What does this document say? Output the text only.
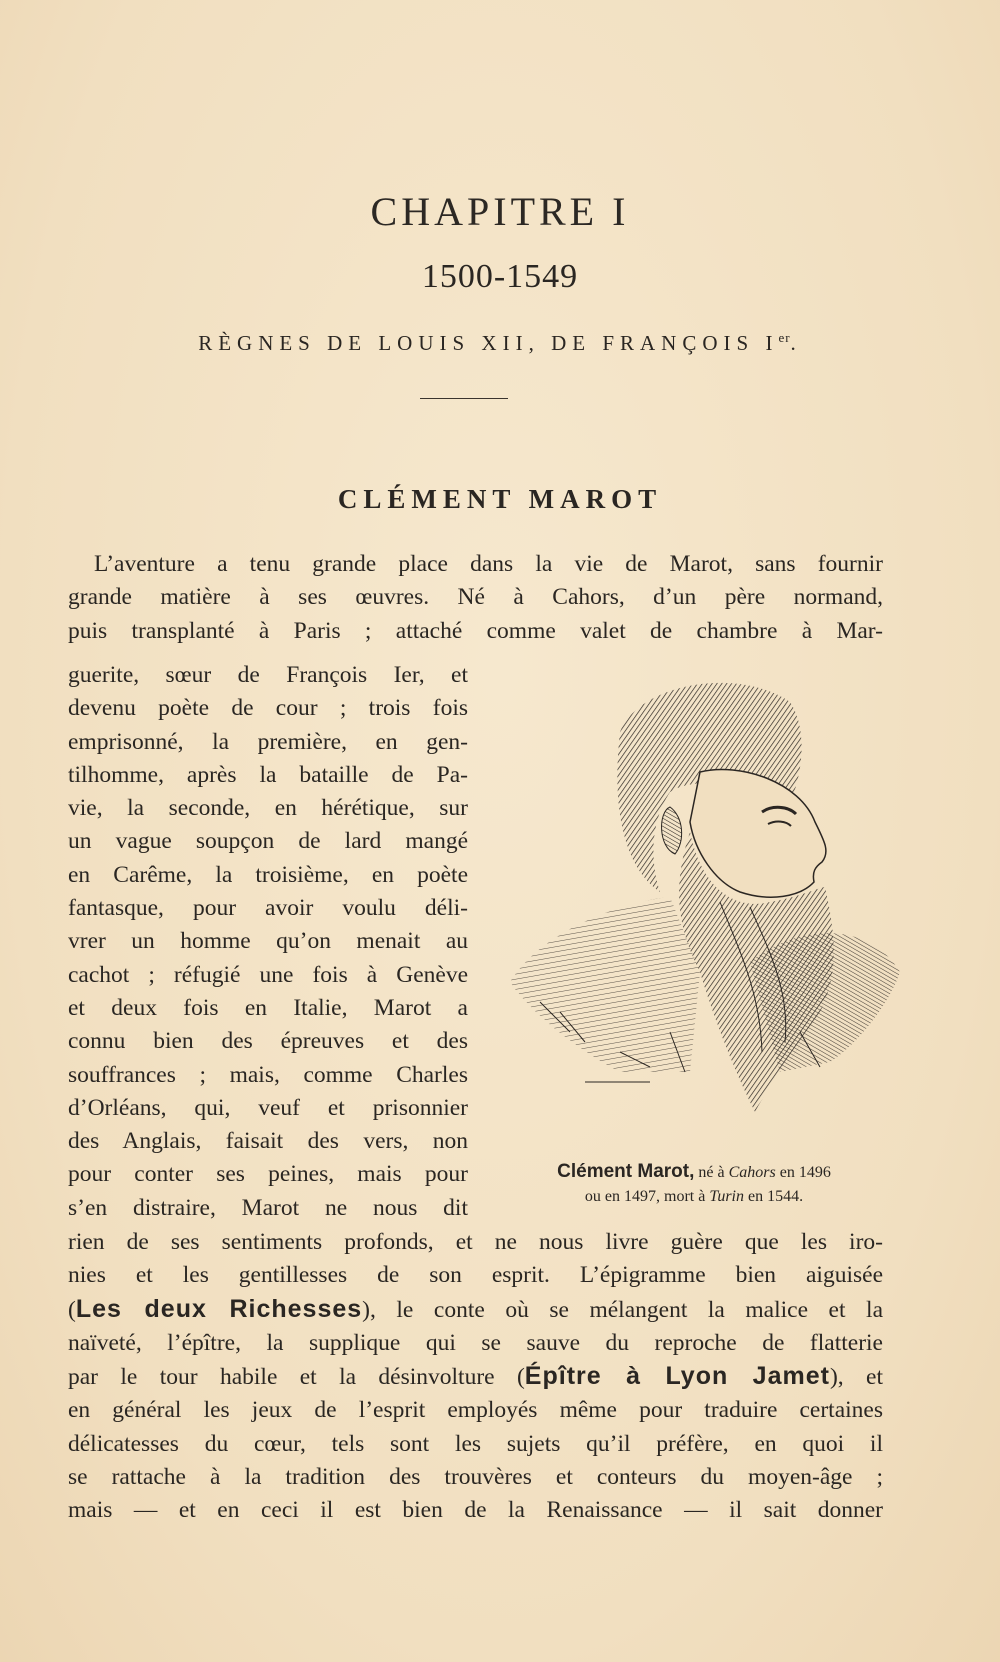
CHAPITRE I
1500-1549
RÈGNES DE LOUIS XII, DE FRANÇOIS Ier.
CLÉMENT MAROT
L’aventure a tenu grande place dans la vie de Marot, sans fournir
grande matière à ses œuvres. Né à Cahors, d’un père normand,
puis transplanté à Paris ; attaché comme valet de chambre à Mar-
guerite, sœur de François Ier, et
devenu poète de cour ; trois fois
emprisonné, la première, en gen-
tilhomme, après la bataille de Pa-
vie, la seconde, en hérétique, sur
un vague soupçon de lard mangé
en Carême, la troisième, en poète
fantasque, pour avoir voulu déli-
vrer un homme qu’on menait au
cachot ; réfugié une fois à Genève
et deux fois en Italie, Marot a
connu bien des épreuves et des
souffrances ; mais, comme Charles
d’Orléans, qui, veuf et prisonnier
des Anglais, faisait des vers, non
pour conter ses peines, mais pour
s’en distraire, Marot ne nous dit
Clément Marot, né à Cahors en 1496
ou en 1497, mort à Turin en 1544.
rien de ses sentiments profonds, et ne nous livre guère que les iro-
nies et les gentillesses de son esprit. L’épigramme bien aiguisée
(Les deux Richesses), le conte où se mélangent la malice et la
naïveté, l’épître, la supplique qui se sauve du reproche de flatterie
par le tour habile et la désinvolture (Épître à Lyon Jamet), et
en général les jeux de l’esprit employés même pour traduire certaines
délicatesses du cœur, tels sont les sujets qu’il préfère, en quoi il
se rattache à la tradition des trouvères et conteurs du moyen-âge ;
mais — et en ceci il est bien de la Renaissance — il sait donner
